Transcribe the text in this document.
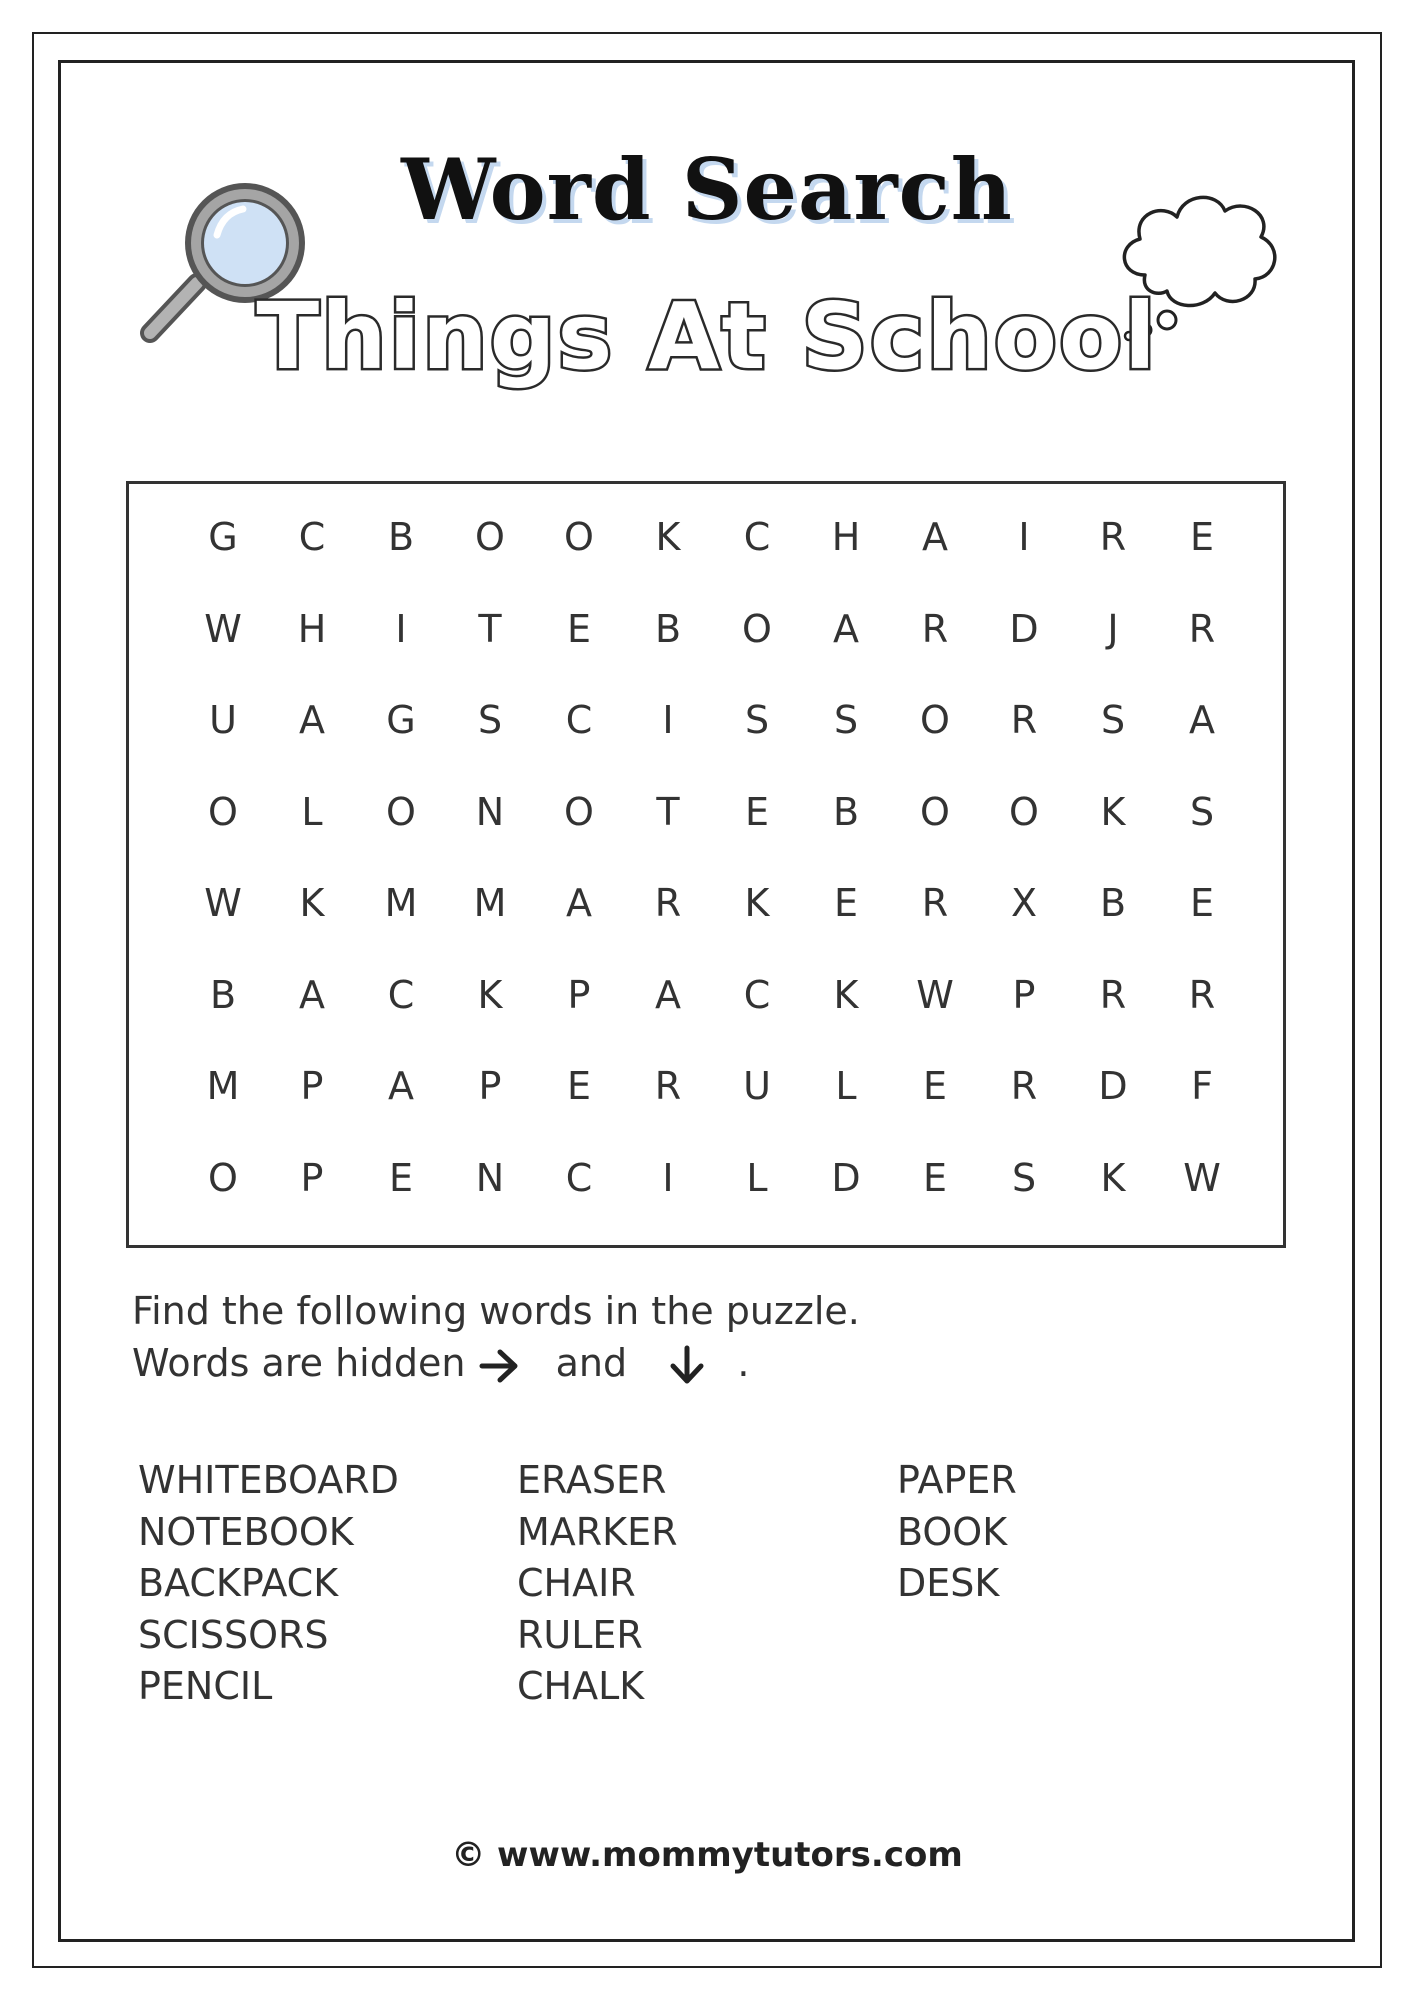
Word Search
Things At School
G	C	B	O	O	K	C	H	A	I	R	E
W	H	I	T	E	B	O	A	R	D	J	R
U	A	G	S	C	I	S	S	O	R	S	A
O	L	O	N	O	T	E	B	O	O	K	S
W	K	M	M	A	R	K	E	R	X	B	E
B	A	C	K	P	A	C	K	W	P	R	R
M	P	A	P	E	R	U	L	E	R	D	F
O	P	E	N	C	I	L	D	E	S	K	W
Find the following words in the puzzle.
Words are hidden and	.
WHITEBOARD
NOTEBOOK
BACKPACK
SCISSORS
PENCIL
ERASER
MARKER
CHAIR
RULER
CHALK
PAPER
BOOK
DESK
© www.mommytutors.com
